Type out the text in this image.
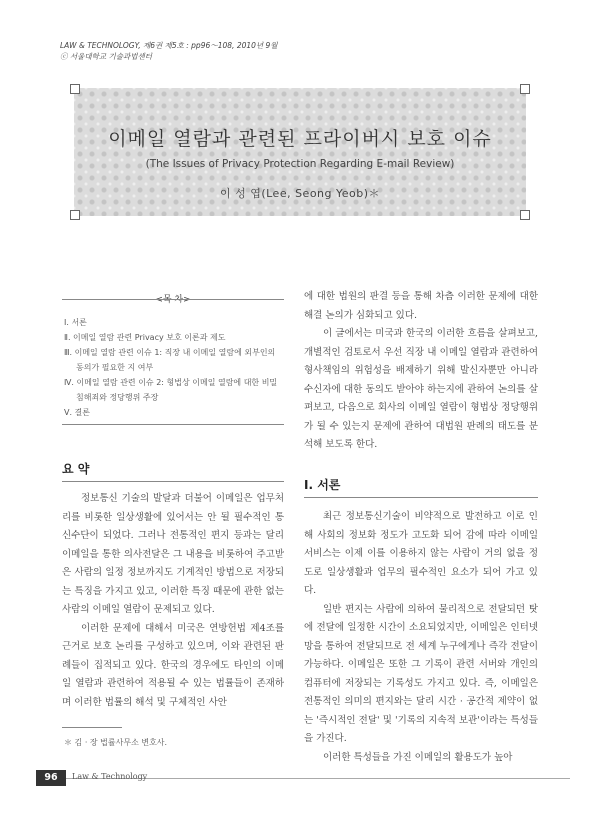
LAW & TECHNOLOGY, 제6권 제5호 : pp96～108, 2010년 9월
ⓒ 서울대학교 기술과법센터
이메일 열람과 관련된 프라이버시 보호 이슈
(The Issues of Privacy Protection Regarding E-mail Review)
이 성 엽(Lee, Seong Yeob)＊
<목 차>
Ⅰ. 서론
Ⅱ. 이메일 열람 관련 Privacy 보호 이론과 제도
Ⅲ. 이메일 열람 관련 이슈 1: 직장 내 이메일 열람에 외부인의 동의가 필요한 지 여부
Ⅳ. 이메일 열람 관련 이슈 2: 형법상 이메일 열람에 대한 비밀침해죄와 정당행위 주장
Ⅴ. 결론
요 약

정보통신 기술의 발달과 더불어 이메일은 업무처리를 비롯한 일상생활에 있어서는 안 될 필수적인 통신수단이 되었다. 그러나 전통적인 편지 등과는 달리 이메일을 통한 의사전달은 그 내용을 비롯하여 주고받은 사람의 일정 정보까지도 기계적인 방법으로 저장되는 특징을 가지고 있고, 이러한 특징 때문에 관한 없는 사람의 이메일 열람이 문제되고 있다.

이러한 문제에 대해서 미국은 연방헌법 제4조를 근거로 보호 논리를 구성하고 있으며, 이와 관련된 판례들이 집적되고 있다. 한국의 경우에도 타인의 이메일 열람과 관련하여 적용될 수 있는 법률들이 존재하며 이러한 법률의 해석 및 구체적인 사안

에 대한 법원의 판결 등을 통해 차츰 이러한 문제에 대한 해결 논의가 심화되고 있다.

이 글에서는 미국과 한국의 이러한 흐름을 살펴보고, 개별적인 검토로서 우선 직장 내 이메일 열람과 관련하여 형사책임의 위험성을 배제하기 위해 발신자뿐만 아니라 수신자에 대한 동의도 받아야 하는지에 관하여 논의를 살펴보고, 다음으로 회사의 이메일 열람이 형법상 정당행위가 될 수 있는지 문제에 관하여 대법원 판례의 태도를 분석해 보도록 한다.

Ⅰ. 서론

최근 정보통신기술이 비약적으로 발전하고 이로 인해 사회의 정보화 정도가 고도화 되어 감에 따라 이메일 서비스는 이제 이를 이용하지 않는 사람이 거의 없을 정도로 일상생활과 업무의 필수적인 요소가 되어 가고 있다.

일반 편지는 사람에 의하여 물리적으로 전달되던 탓에 전달에 일정한 시간이 소요되었지만, 이메일은 인터넷망을 통하여 전달되므로 전 세계 누구에게나 즉각 전달이 가능하다. 이메일은 또한 그 기록이 관련 서버와 개인의 컴퓨터에 저장되는 기록성도 가지고 있다. 즉, 이메일은 전통적인 의미의 편지와는 달리 시간 · 공간적 제약이 없는 '즉시적인 전달' 및 '기록의 지속적 보관'이라는 특성들을 가진다.

이러한 특성들을 가진 이메일의 활용도가 높아

＊ 김 · 장 법률사무소 변호사.
96	Law & Technology
